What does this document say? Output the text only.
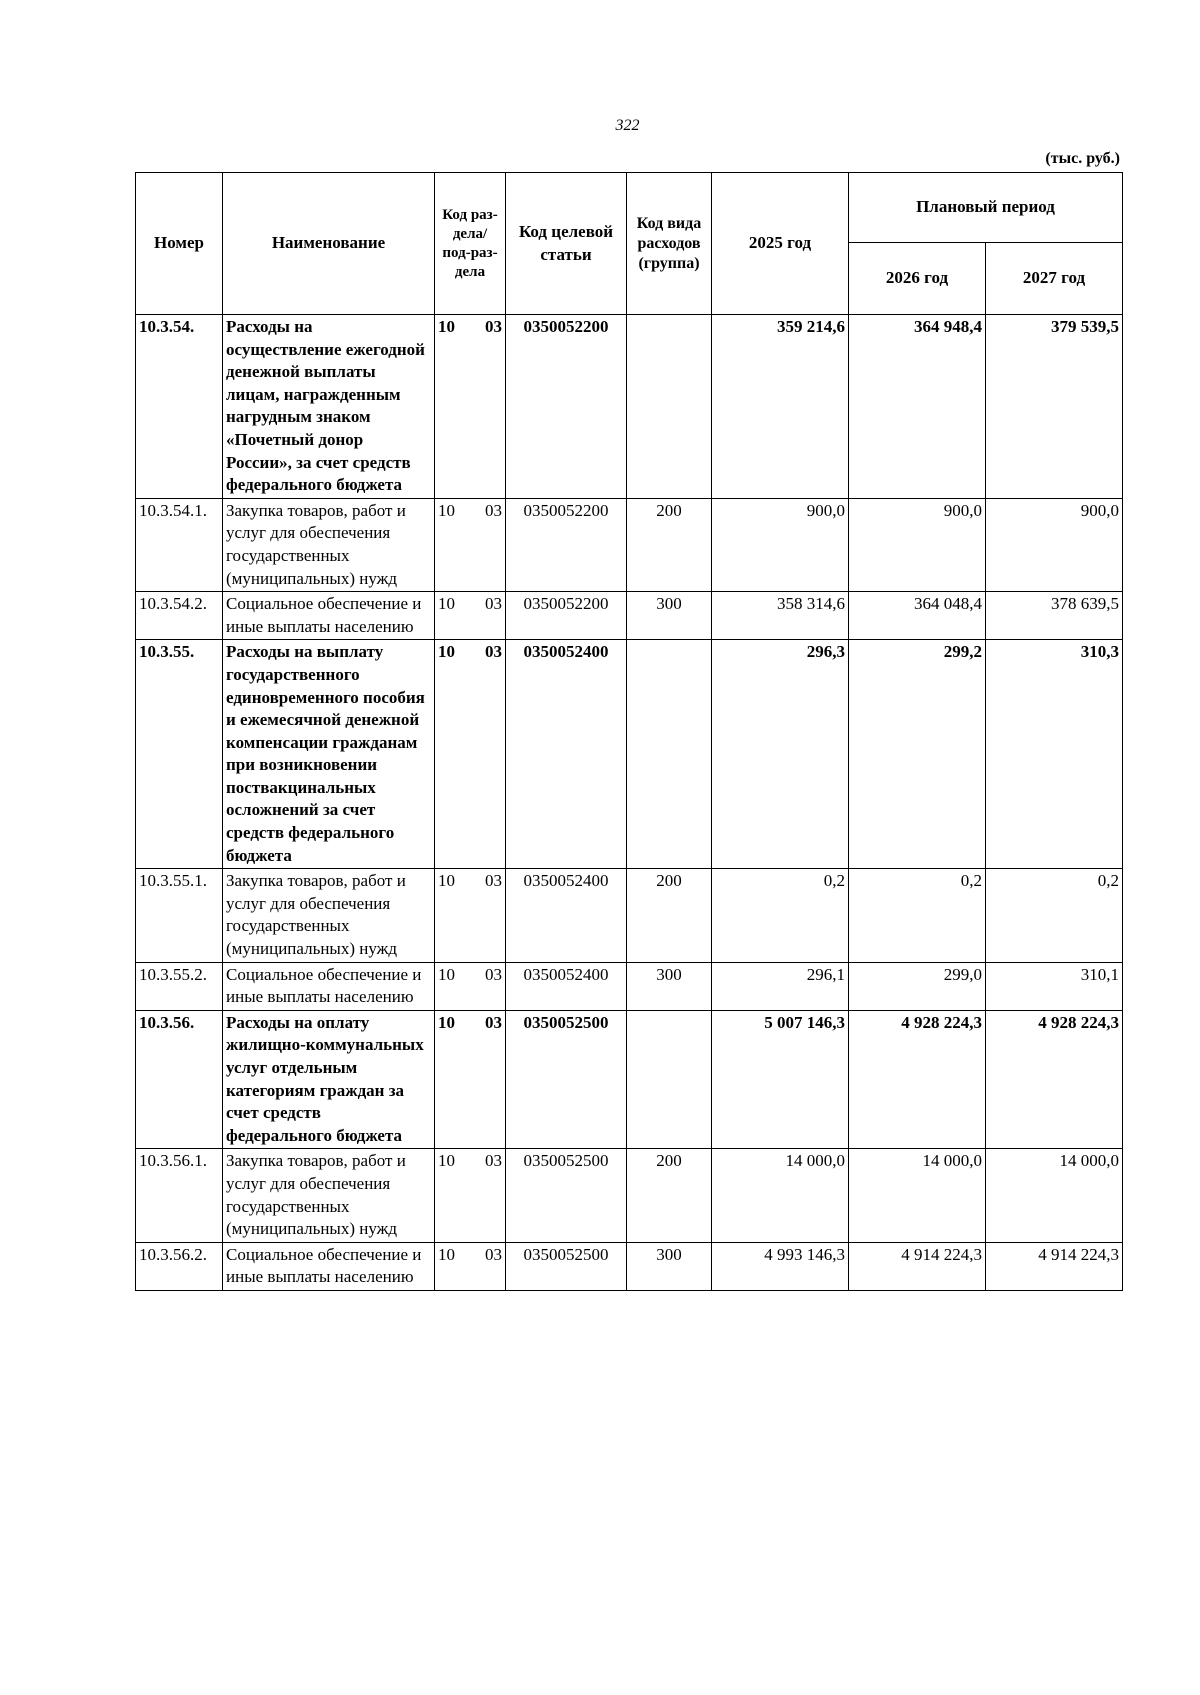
322
(тыс. руб.)
Номер	Наименование	Код раз-дела/ под-раз-дела	Код целевой статьи	Код вида расходов (группа)	2025 год	Плановый период	
						2026 год	2027 год
10.3.54.	Расходы на осуществление ежегодной денежной выплаты лицам, награжденным нагрудным знаком «Почетный донор России», за счет средств федерального бюджета	10 03	0350052200		359 214,6	364 948,4	379 539,5
10.3.54.1.	Закупка товаров, работ и услуг для обеспечения государственных (муниципальных) нужд	10 03	0350052200	200	900,0	900,0	900,0
10.3.54.2.	Социальное обеспечение и иные выплаты населению	10 03	0350052200	300	358 314,6	364 048,4	378 639,5
10.3.55.	Расходы на выплату государственного единовременного пособия и ежемесячной денежной компенсации гражданам при возникновении поствакцинальных осложнений за счет средств федерального бюджета	10 03	0350052400		296,3	299,2	310,3
10.3.55.1.	Закупка товаров, работ и услуг для обеспечения государственных (муниципальных) нужд	10 03	0350052400	200	0,2	0,2	0,2
10.3.55.2.	Социальное обеспечение и иные выплаты населению	10 03	0350052400	300	296,1	299,0	310,1
10.3.56.	Расходы на оплату жилищно-коммунальных услуг отдельным категориям граждан за счет средств федерального бюджета	10 03	0350052500		5 007 146,3	4 928 224,3	4 928 224,3
10.3.56.1.	Закупка товаров, работ и услуг для обеспечения государственных (муниципальных) нужд	10 03	0350052500	200	14 000,0	14 000,0	14 000,0
10.3.56.2.	Социальное обеспечение и иные выплаты населению	10 03	0350052500	300	4 993 146,3	4 914 224,3	4 914 224,3
